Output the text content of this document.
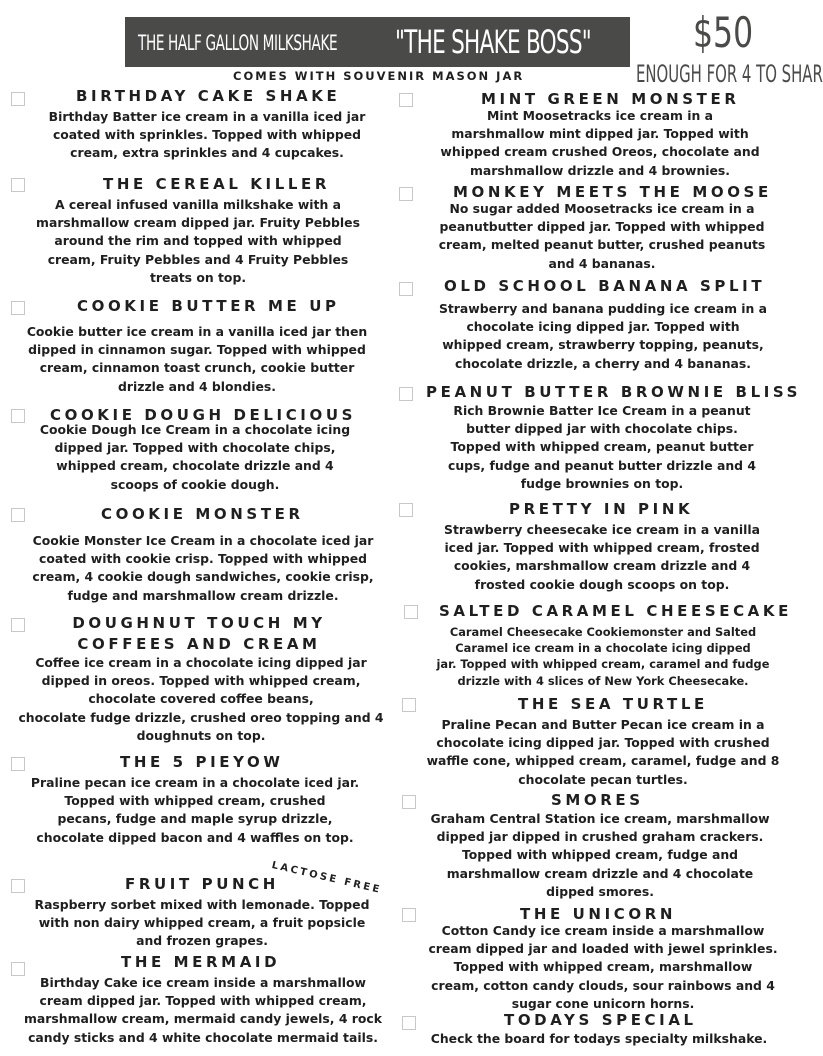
THE HALF GALLON MILKSHAKE "THE SHAKE BOSS" $50
ENOUGH FOR 4 TO SHAR
COMES WITH SOUVENIR MASON JAR
BIRTHDAY CAKE SHAKE
Birthday Batter ice cream in a vanilla iced jar
coated with sprinkles. Topped with whipped
cream, extra sprinkles and 4 cupcakes.
THE CEREAL KILLER
A cereal infused vanilla milkshake with a
marshmallow cream dipped jar. Fruity Pebbles
around the rim and topped with whipped
cream, Fruity Pebbles and 4 Fruity Pebbles
treats on top.
COOKIE BUTTER ME UP
Cookie butter ice cream in a vanilla iced jar then
dipped in cinnamon sugar. Topped with whipped
cream, cinnamon toast crunch, cookie butter
drizzle and 4 blondies.
COOKIE DOUGH DELICIOUS
Cookie Dough Ice Cream in a chocolate icing
dipped jar. Topped with chocolate chips,
whipped cream, chocolate drizzle and 4
scoops of cookie dough.
COOKIE MONSTER
Cookie Monster Ice Cream in a chocolate iced jar
coated with cookie crisp. Topped with whipped
cream, 4 cookie dough sandwiches, cookie crisp,
fudge and marshmallow cream drizzle.
DOUGHNUT TOUCH MY
COFFEES AND CREAM
Coffee ice cream in a chocolate icing dipped jar
dipped in oreos. Topped with whipped cream,
chocolate covered coffee beans,
chocolate fudge drizzle, crushed oreo topping and 4
doughnuts on top.
THE 5 PIEYOW
Praline pecan ice cream in a chocolate iced jar.
Topped with whipped cream, crushed
pecans, fudge and maple syrup drizzle,
chocolate dipped bacon and 4 waffles on top.
LACTOSE FREE
FRUIT PUNCH
Raspberry sorbet mixed with lemonade. Topped
with non dairy whipped cream, a fruit popsicle
and frozen grapes.
THE MERMAID
Birthday Cake ice cream inside a marshmallow
cream dipped jar. Topped with whipped cream,
marshmallow cream, mermaid candy jewels, 4 rock
candy sticks and 4 white chocolate mermaid tails.
MINT GREEN MONSTER
Mint Moosetracks ice cream in a
marshmallow mint dipped jar. Topped with
whipped cream crushed Oreos, chocolate and
marshmallow drizzle and 4 brownies.
MONKEY MEETS THE MOOSE
No sugar added Moosetracks ice cream in a
peanutbutter dipped jar. Topped with whipped
cream, melted peanut butter, crushed peanuts
and 4 bananas.
OLD SCHOOL BANANA SPLIT
Strawberry and banana pudding ice cream in a
chocolate icing dipped jar. Topped with
whipped cream, strawberry topping, peanuts,
chocolate drizzle, a cherry and 4 bananas.
PEANUT BUTTER BROWNIE BLISS
Rich Brownie Batter Ice Cream in a peanut
butter dipped jar with chocolate chips.
Topped with whipped cream, peanut butter
cups, fudge and peanut butter drizzle and 4
fudge brownies on top.
PRETTY IN PINK
Strawberry cheesecake ice cream in a vanilla
iced jar. Topped with whipped cream, frosted
cookies, marshmallow cream drizzle and 4
frosted cookie dough scoops on top.
SALTED CARAMEL CHEESECAKE
Caramel Cheesecake Cookiemonster and Salted
Caramel ice cream in a chocolate icing dipped
jar. Topped with whipped cream, caramel and fudge
drizzle with 4 slices of New York Cheesecake.
THE SEA TURTLE
Praline Pecan and Butter Pecan ice cream in a
chocolate icing dipped jar. Topped with crushed
waffle cone, whipped cream, caramel, fudge and 8
chocolate pecan turtles.
SMORES
Graham Central Station ice cream, marshmallow
dipped jar dipped in crushed graham crackers.
Topped with whipped cream, fudge and
marshmallow cream drizzle and 4 chocolate
dipped smores.
THE UNICORN
Cotton Candy ice cream inside a marshmallow
cream dipped jar and loaded with jewel sprinkles.
Topped with whipped cream, marshmallow
cream, cotton candy clouds, sour rainbows and 4
sugar cone unicorn horns.
TODAYS SPECIAL
Check the board for todays specialty milkshake.
